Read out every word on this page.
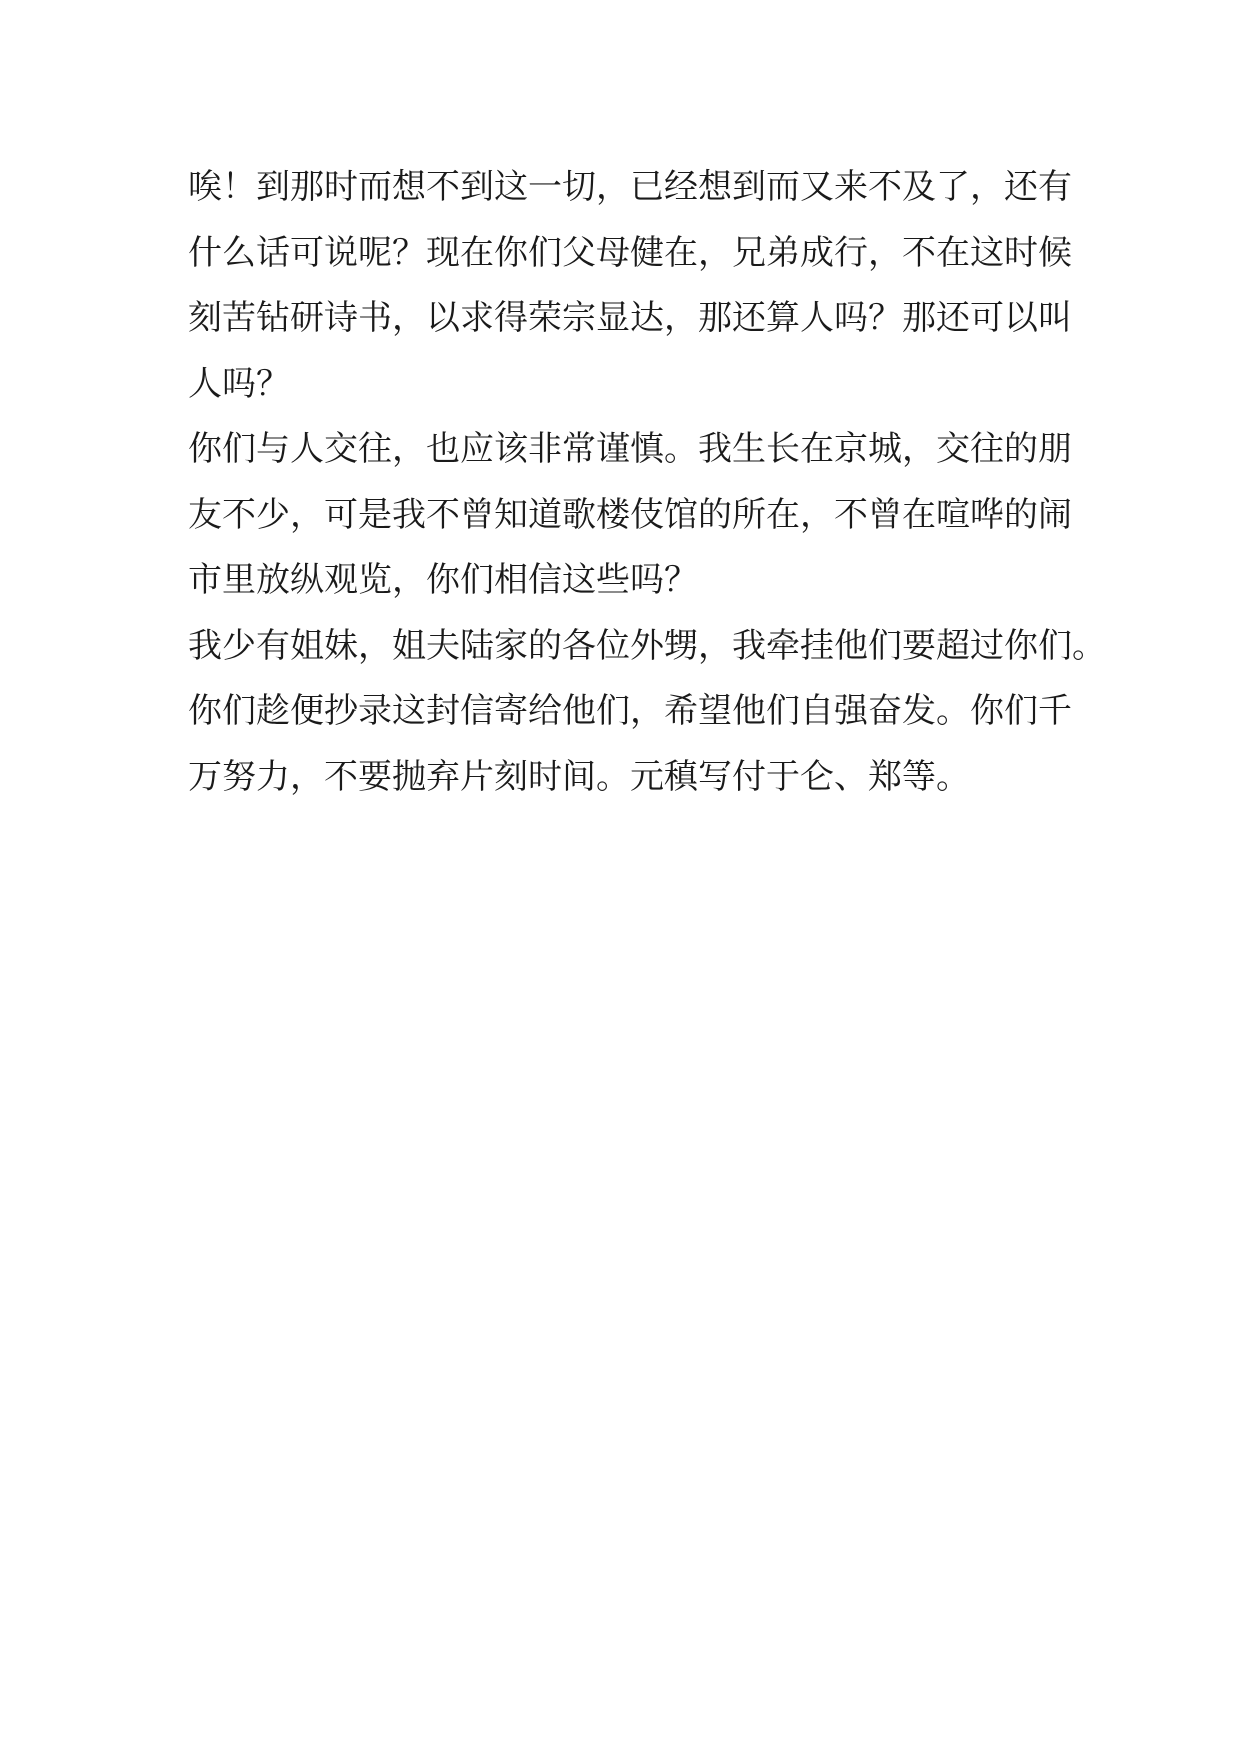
唉！到那时而想不到这一切，已经想到而又来不及了，还有
什么话可说呢？现在你们父母健在，兄弟成行，不在这时候
刻苦钻研诗书，以求得荣宗显达，那还算人吗？那还可以叫
人吗？
你们与人交往，也应该非常谨慎。我生长在京城，交往的朋
友不少，可是我不曾知道歌楼伎馆的所在，不曾在喧哗的闹
市里放纵观览，你们相信这些吗？
我少有姐妹，姐夫陆家的各位外甥，我牵挂他们要超过你们。
你们趁便抄录这封信寄给他们，希望他们自强奋发。你们千
万努力，不要抛弃片刻时间。元稹写付于仑、郑等。
